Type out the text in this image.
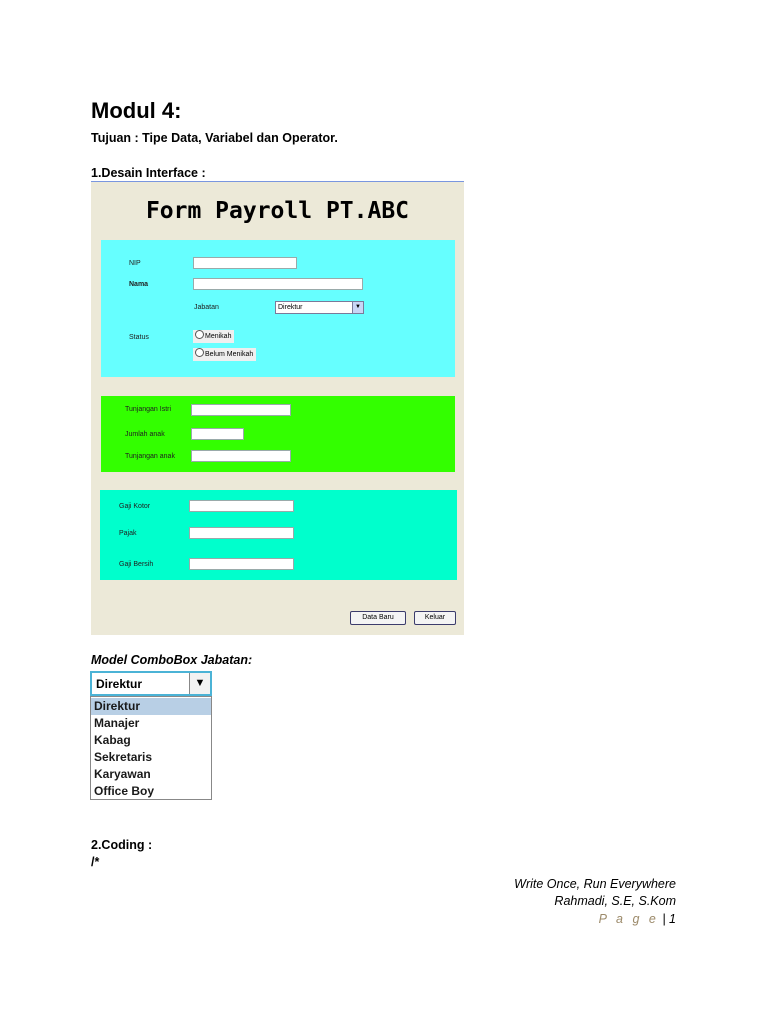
Modul 4:
Tujuan : Tipe Data, Variabel dan Operator.
1.Desain Interface :
Form Payroll PT.ABC
NIP
Nama
Jabatan	Direktur	▼
Status	Menikah
Belum Menikah
Tunjangan Istri
Jumlah anak
Tunjangan anak
Gaji Kotor
Pajak
Gaji Bersih
Data Baru	Keluar
Model ComboBox Jabatan:
Direktur	▼
Direktur
Manajer
Kabag
Sekretaris
Karyawan
Office Boy
2.Coding :
/*
Write Once, Run Everywhere
Rahmadi, S.E, S.Kom
P a g e | 1
